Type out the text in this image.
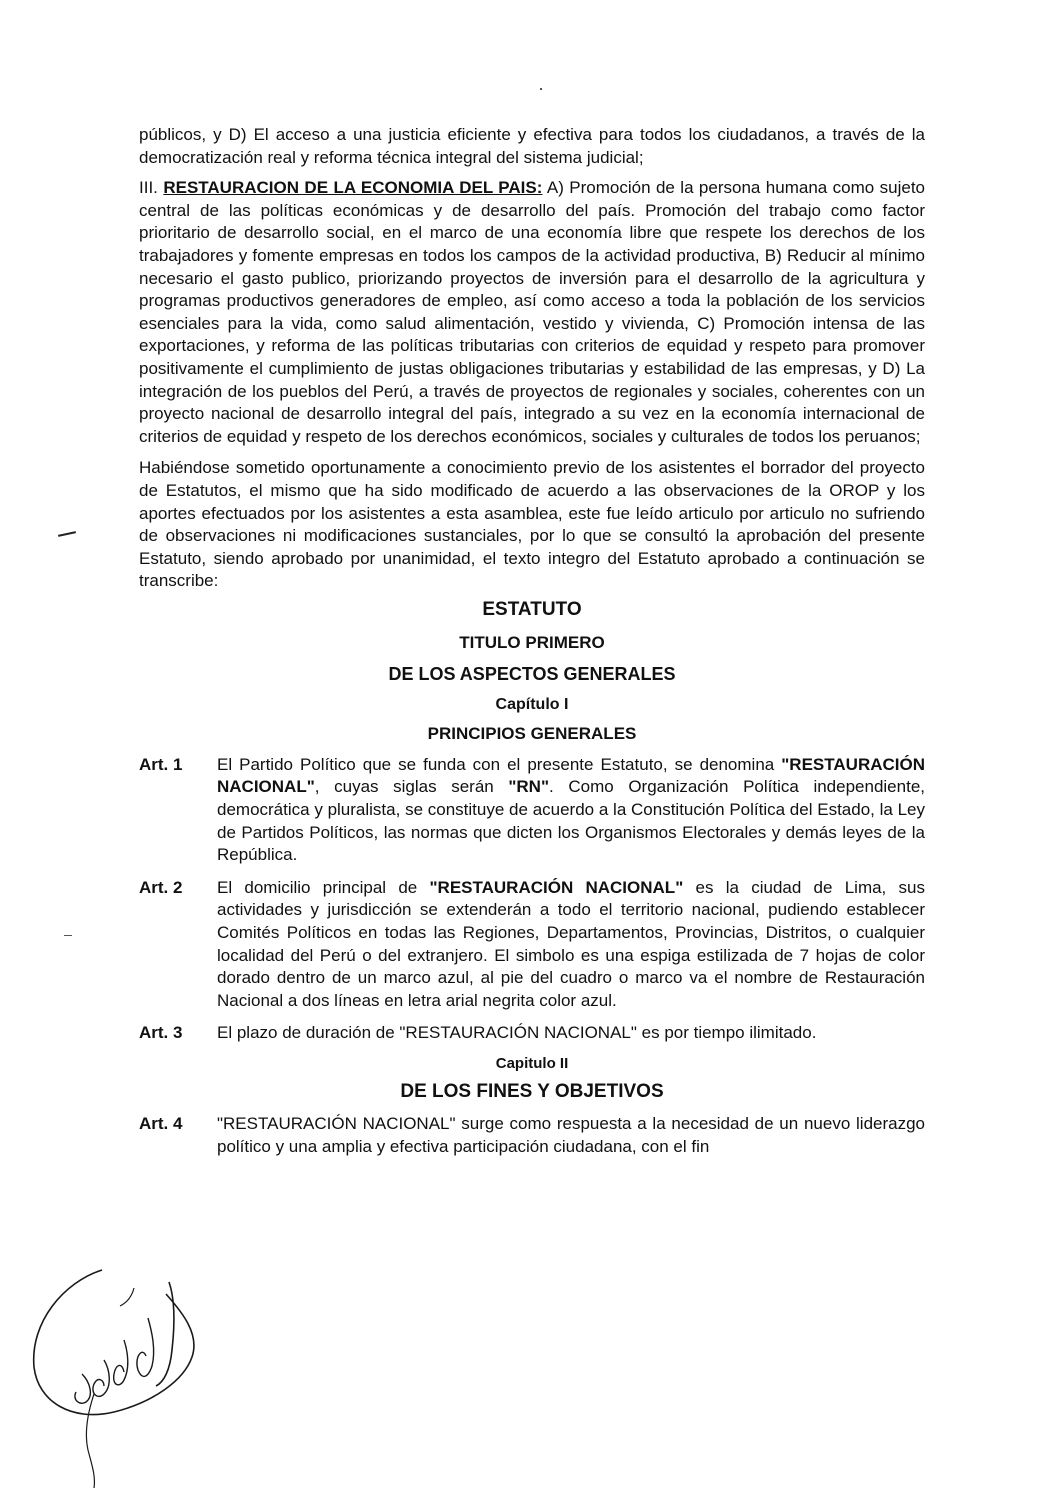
públicos, y D) El acceso a una justicia eficiente y efectiva para todos los ciudadanos, a través de la democratización real y reforma técnica integral del sistema judicial;

III. RESTAURACION DE LA ECONOMIA DEL PAIS: A) Promoción de la persona humana como sujeto central de las políticas económicas y de desarrollo del país. Promoción del trabajo como factor prioritario de desarrollo social, en el marco de una economía libre que respete los derechos de los trabajadores y fomente empresas en todos los campos de la actividad productiva, B) Reducir al mínimo necesario el gasto publico, priorizando proyectos de inversión para el desarrollo de la agricultura y programas productivos generadores de empleo, así como acceso a toda la población de los servicios esenciales para la vida, como salud alimentación, vestido y vivienda, C) Promoción intensa de las exportaciones, y reforma de las políticas tributarias con criterios de equidad y respeto para promover positivamente el cumplimiento de justas obligaciones tributarias y estabilidad de las empresas, y D) La integración de los pueblos del Perú, a través de proyectos de regionales y sociales, coherentes con un proyecto nacional de desarrollo integral del país, integrado a su vez en la economía internacional de criterios de equidad y respeto de los derechos económicos, sociales y culturales de todos los peruanos;

Habiéndose sometido oportunamente a conocimiento previo de los asistentes el borrador del proyecto de Estatutos, el mismo que ha sido modificado de acuerdo a las observaciones de la OROP y los aportes efectuados por los asistentes a esta asamblea, este fue leído articulo por articulo no sufriendo de observaciones ni modificaciones sustanciales, por lo que se consultó la aprobación del presente Estatuto, siendo aprobado por unanimidad, el texto integro del Estatuto aprobado a continuación se transcribe:

ESTATUTO

TITULO PRIMERO

DE LOS ASPECTOS GENERALES

Capítulo I

PRINCIPIOS GENERALES

Art. 1	El Partido Político que se funda con el presente Estatuto, se denomina "RESTAURACIÓN NACIONAL", cuyas siglas serán "RN". Como Organización Política independiente, democrática y pluralista, se constituye de acuerdo a la Constitución Política del Estado, la Ley de Partidos Políticos, las normas que dicten los Organismos Electorales y demás leyes de la República.
Art. 2	El domicilio principal de "RESTAURACIÓN NACIONAL" es la ciudad de Lima, sus actividades y jurisdicción se extenderán a todo el territorio nacional, pudiendo establecer Comités Políticos en todas las Regiones, Departamentos, Provincias, Distritos, o cualquier localidad del Perú o del extranjero. El simbolo es una espiga estilizada de 7 hojas de color dorado dentro de un marco azul, al pie del cuadro o marco va el nombre de Restauración Nacional a dos líneas en letra arial negrita color azul.
Art. 3	El plazo de duración de "RESTAURACIÓN NACIONAL" es por tiempo ilimitado.

Capitulo II

DE LOS FINES Y OBJETIVOS

Art. 4	"RESTAURACIÓN NACIONAL" surge como respuesta a la necesidad de un nuevo liderazgo político y una amplia y efectiva participación ciudadana, con el fin
